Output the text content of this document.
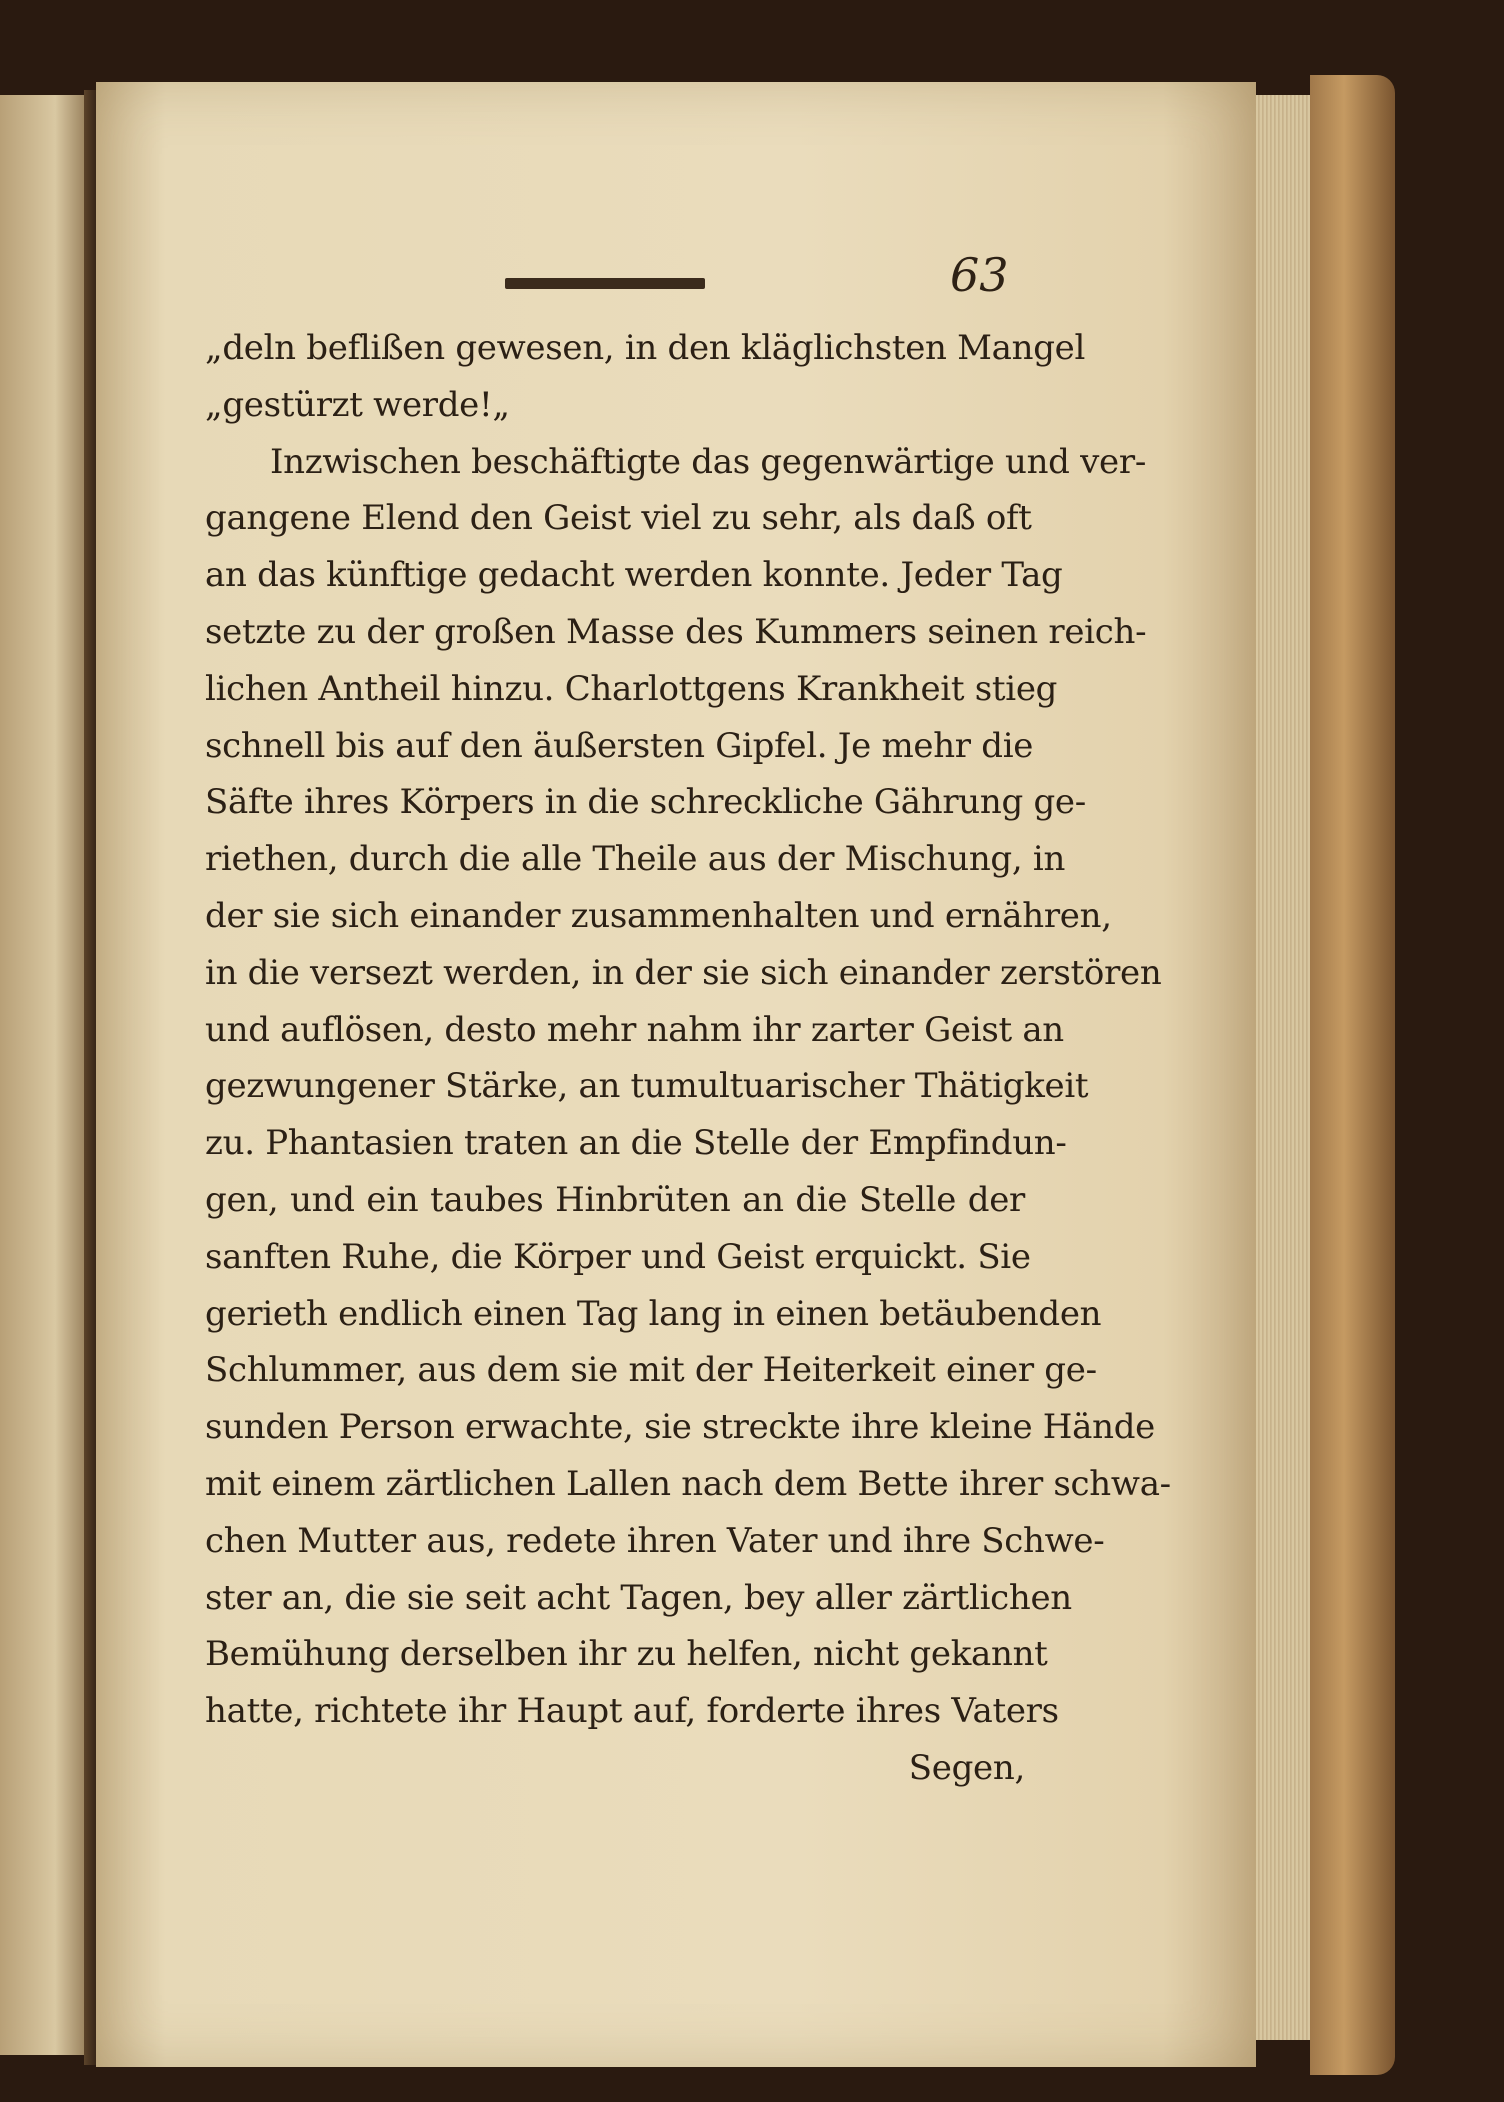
63
„deln beflißen gewesen, in den kläglichsten Mangel
„gestürzt werde!„
Inzwischen beschäftigte das gegenwärtige und ver-
gangene Elend den Geist viel zu sehr, als daß oft
an das künftige gedacht werden konnte. Jeder Tag
setzte zu der großen Masse des Kummers seinen reich-
lichen Antheil hinzu. Charlottgens Krankheit stieg
schnell bis auf den äußersten Gipfel. Je mehr die
Säfte ihres Körpers in die schreckliche Gährung ge-
riethen, durch die alle Theile aus der Mischung, in
der sie sich einander zusammenhalten und ernähren,
in die versezt werden, in der sie sich einander zerstören
und auflösen, desto mehr nahm ihr zarter Geist an
gezwungener Stärke, an tumultuarischer Thätigkeit
zu. Phantasien traten an die Stelle der Empfindun-
gen, und ein taubes Hinbrüten an die Stelle der
sanften Ruhe, die Körper und Geist erquickt. Sie
gerieth endlich einen Tag lang in einen betäubenden
Schlummer, aus dem sie mit der Heiterkeit einer ge-
sunden Person erwachte, sie streckte ihre kleine Hände
mit einem zärtlichen Lallen nach dem Bette ihrer schwa-
chen Mutter aus, redete ihren Vater und ihre Schwe-
ster an, die sie seit acht Tagen, bey aller zärtlichen
Bemühung derselben ihr zu helfen, nicht gekannt
hatte, richtete ihr Haupt auf, forderte ihres Vaters
Segen,
